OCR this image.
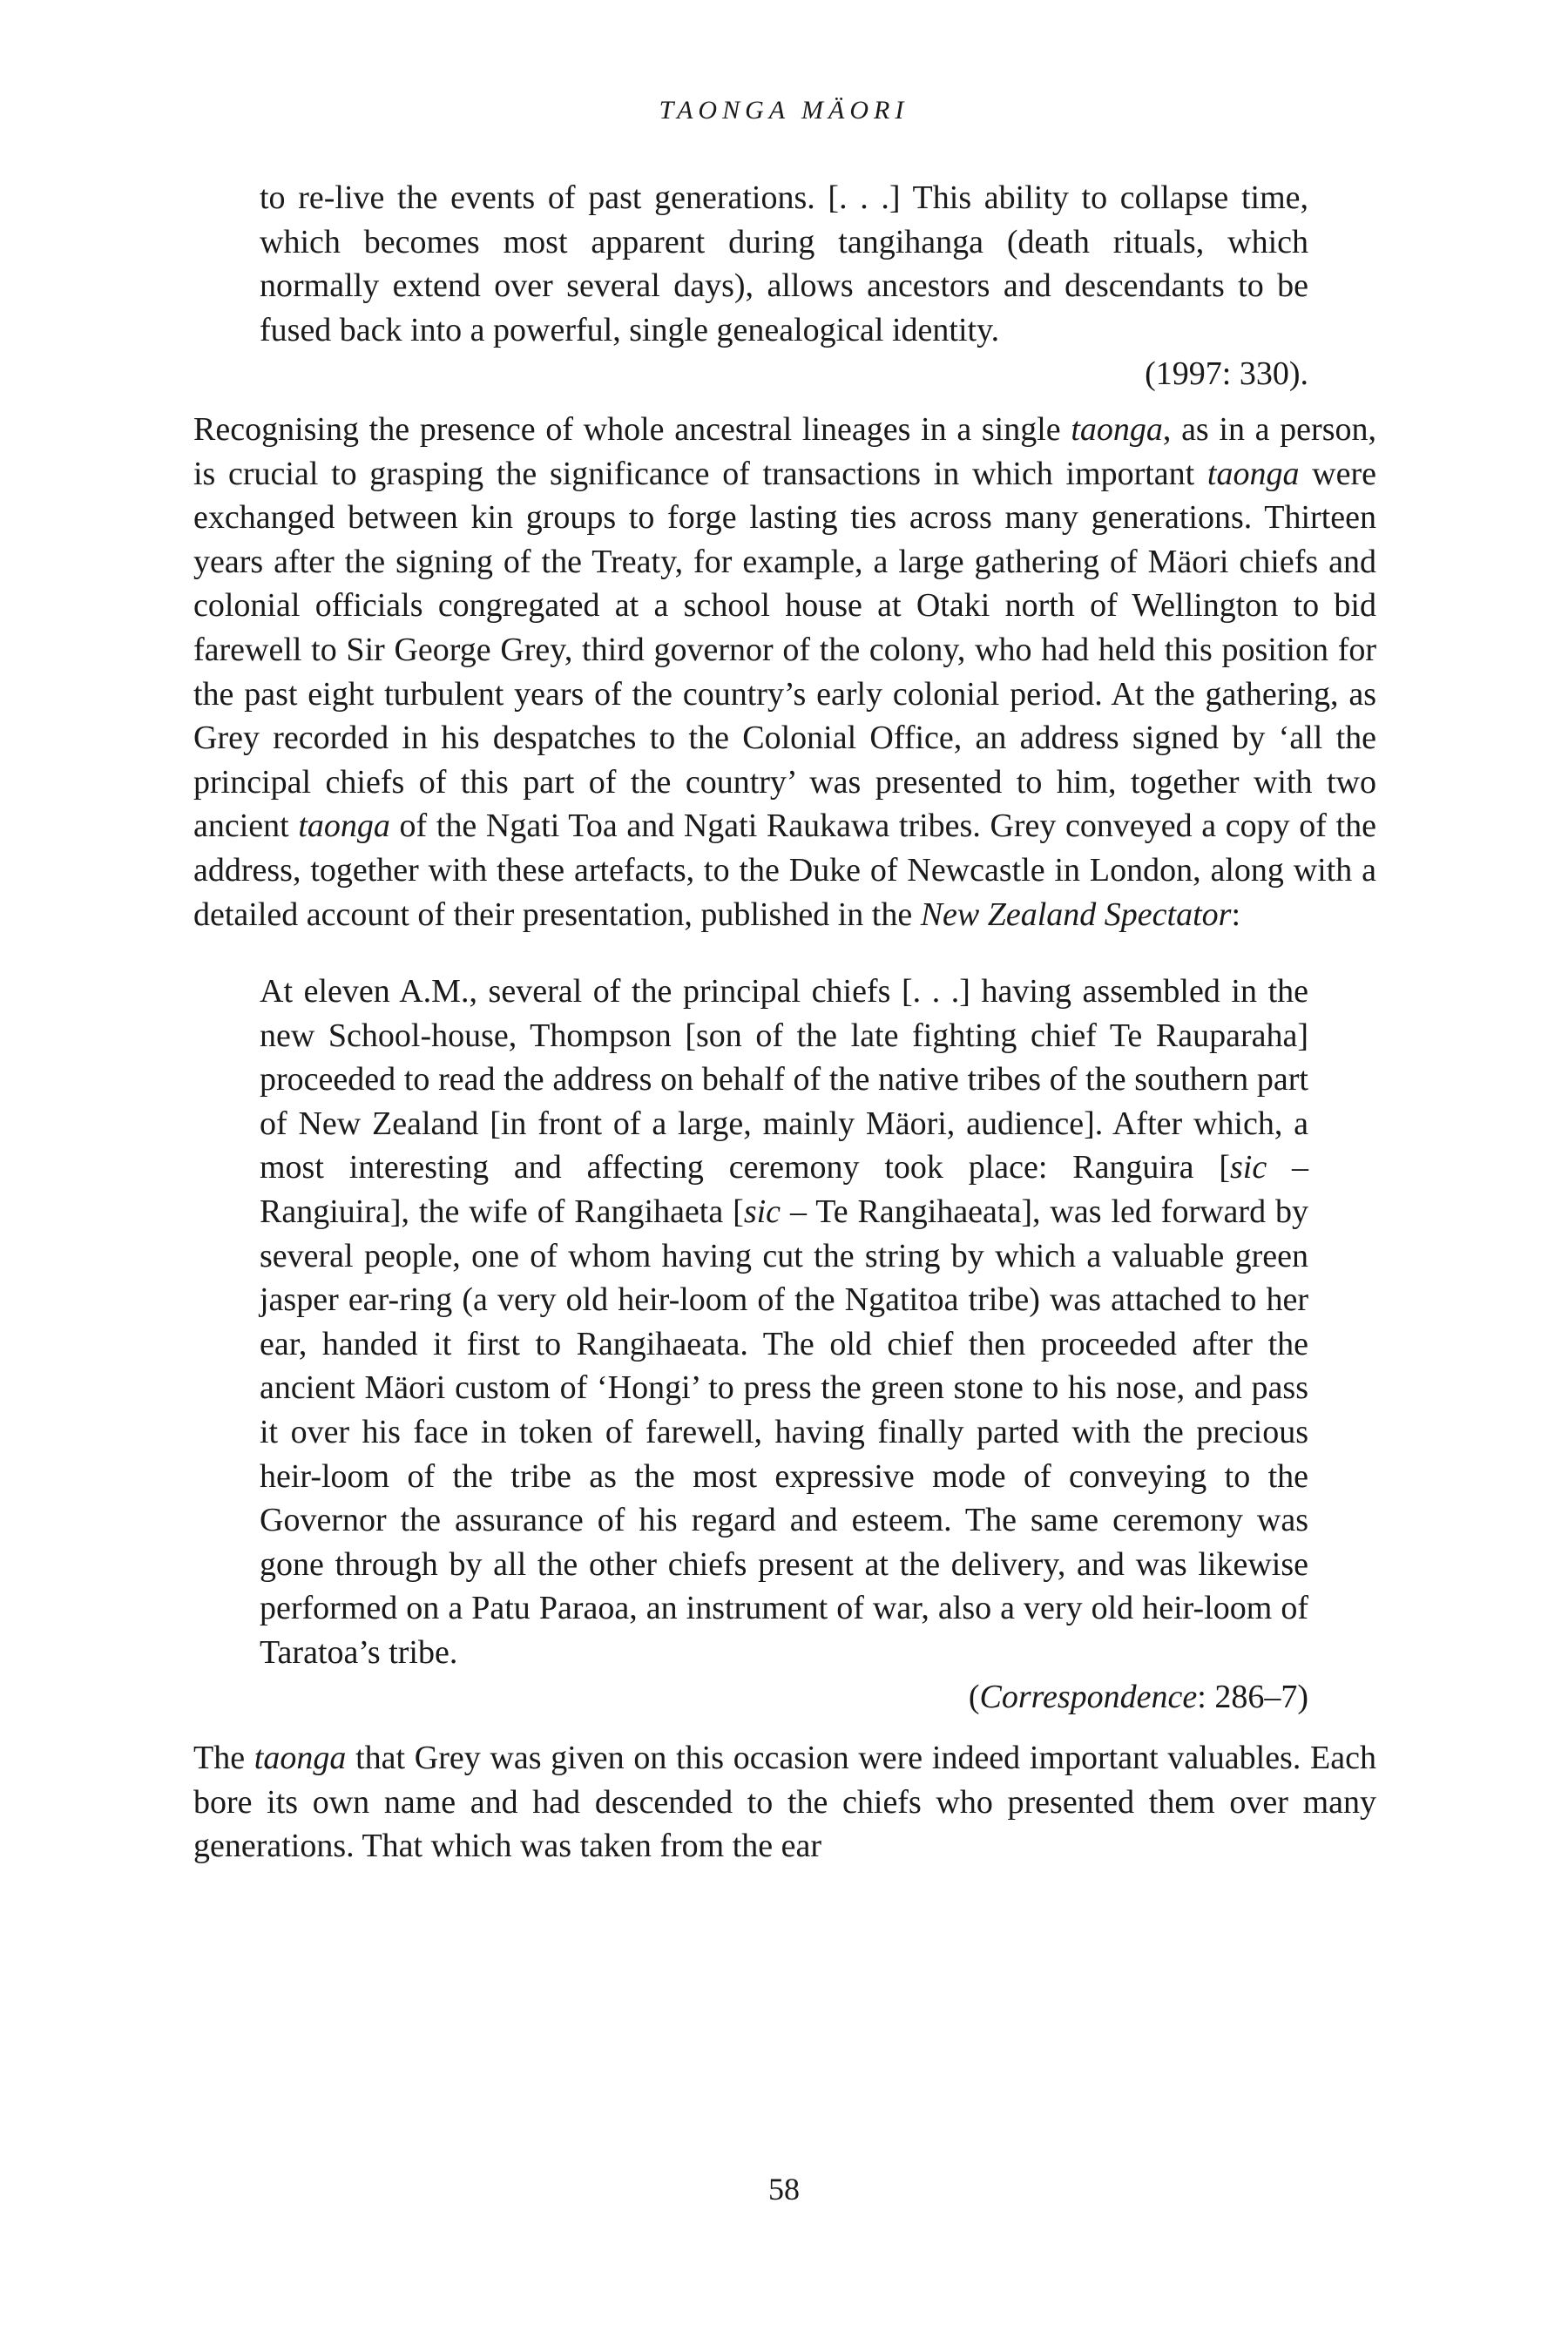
TAONGA MÄORI

to re-live the events of past generations. [. . .] This ability to collapse time, which becomes most apparent during tangihanga (death rituals, which normally extend over several days), allows ancestors and descendants to be fused back into a powerful, single genealogical identity.

(1997: 330).

Recognising the presence of whole ancestral lineages in a single taonga, as in a person, is crucial to grasping the significance of transactions in which important taonga were exchanged between kin groups to forge lasting ties across many generations. Thirteen years after the signing of the Treaty, for example, a large gathering of Mäori chiefs and colonial officials congregated at a school house at Otaki north of Wellington to bid farewell to Sir George Grey, third governor of the colony, who had held this position for the past eight turbulent years of the country’s early colonial period. At the gathering, as Grey recorded in his despatches to the Colonial Office, an address signed by ‘all the principal chiefs of this part of the country’ was presented to him, together with two ancient taonga of the Ngati Toa and Ngati Raukawa tribes. Grey conveyed a copy of the address, together with these artefacts, to the Duke of Newcastle in London, along with a detailed account of their presentation, published in the New Zealand Spectator:

At eleven A.M., several of the principal chiefs [. . .] having assembled in the new School-house, Thompson [son of the late fighting chief Te Rauparaha] proceeded to read the address on behalf of the native tribes of the southern part of New Zealand [in front of a large, mainly Mäori, audience]. After which, a most interesting and affecting ceremony took place: Ranguira [sic – Rangiuira], the wife of Rangihaeta [sic – Te Rangihaeata], was led forward by several people, one of whom having cut the string by which a valuable green jasper ear-ring (a very old heir-loom of the Ngatitoa tribe) was attached to her ear, handed it first to Rangihaeata. The old chief then proceeded after the ancient Mäori custom of ‘Hongi’ to press the green stone to his nose, and pass it over his face in token of farewell, having finally parted with the precious heir-loom of the tribe as the most expressive mode of conveying to the Governor the assurance of his regard and esteem. The same ceremony was gone through by all the other chiefs present at the delivery, and was likewise performed on a Patu Paraoa, an instrument of war, also a very old heir-loom of Taratoa’s tribe.

(Correspondence: 286–7)

The taonga that Grey was given on this occasion were indeed important valuables. Each bore its own name and had descended to the chiefs who presented them over many generations. That which was taken from the ear

58
